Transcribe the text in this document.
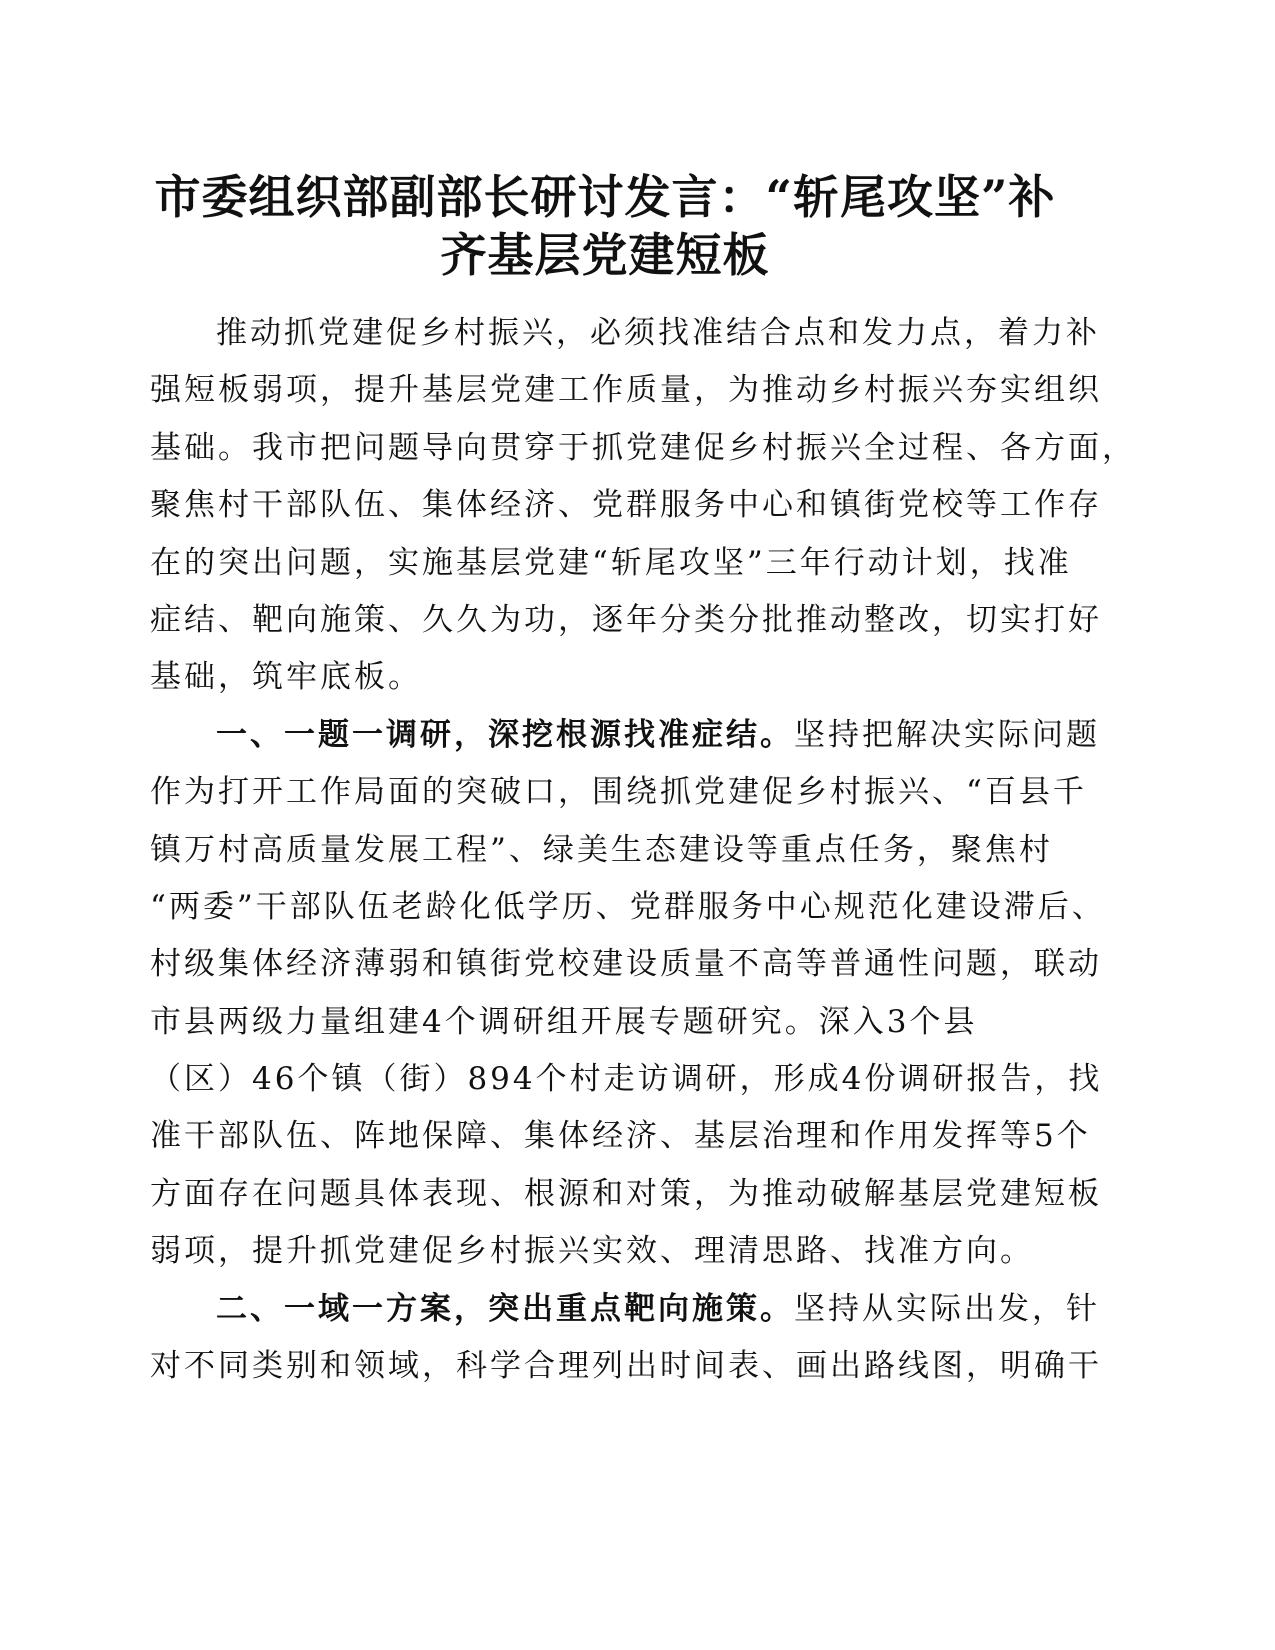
市委组织部副部长研讨发言：“斩尾攻坚”补
齐基层党建短板
推动抓党建促乡村振兴，必须找准结合点和发力点，着力补
强短板弱项，提升基层党建工作质量，为推动乡村振兴夯实组织
基础。我市把问题导向贯穿于抓党建促乡村振兴全过程、各方面，
聚焦村干部队伍、集体经济、党群服务中心和镇街党校等工作存
在的突出问题，实施基层党建“斩尾攻坚”三年行动计划，找准
症结、靶向施策、久久为功，逐年分类分批推动整改，切实打好
基础，筑牢底板。
一、一题一调研，深挖根源找准症结。坚持把解决实际问题
作为打开工作局面的突破口，围绕抓党建促乡村振兴、“百县千
镇万村高质量发展工程”、绿美生态建设等重点任务，聚焦村
“两委”干部队伍老龄化低学历、党群服务中心规范化建设滞后、
村级集体经济薄弱和镇街党校建设质量不高等普通性问题，联动
市县两级力量组建4个调研组开展专题研究。深入3个县
（区）46个镇（街）894个村走访调研，形成4份调研报告，找
准干部队伍、阵地保障、集体经济、基层治理和作用发挥等5个
方面存在问题具体表现、根源和对策，为推动破解基层党建短板
弱项，提升抓党建促乡村振兴实效、理清思路、找准方向。
二、一域一方案，突出重点靶向施策。坚持从实际出发，针
对不同类别和领域，科学合理列出时间表、画出路线图，明确干
